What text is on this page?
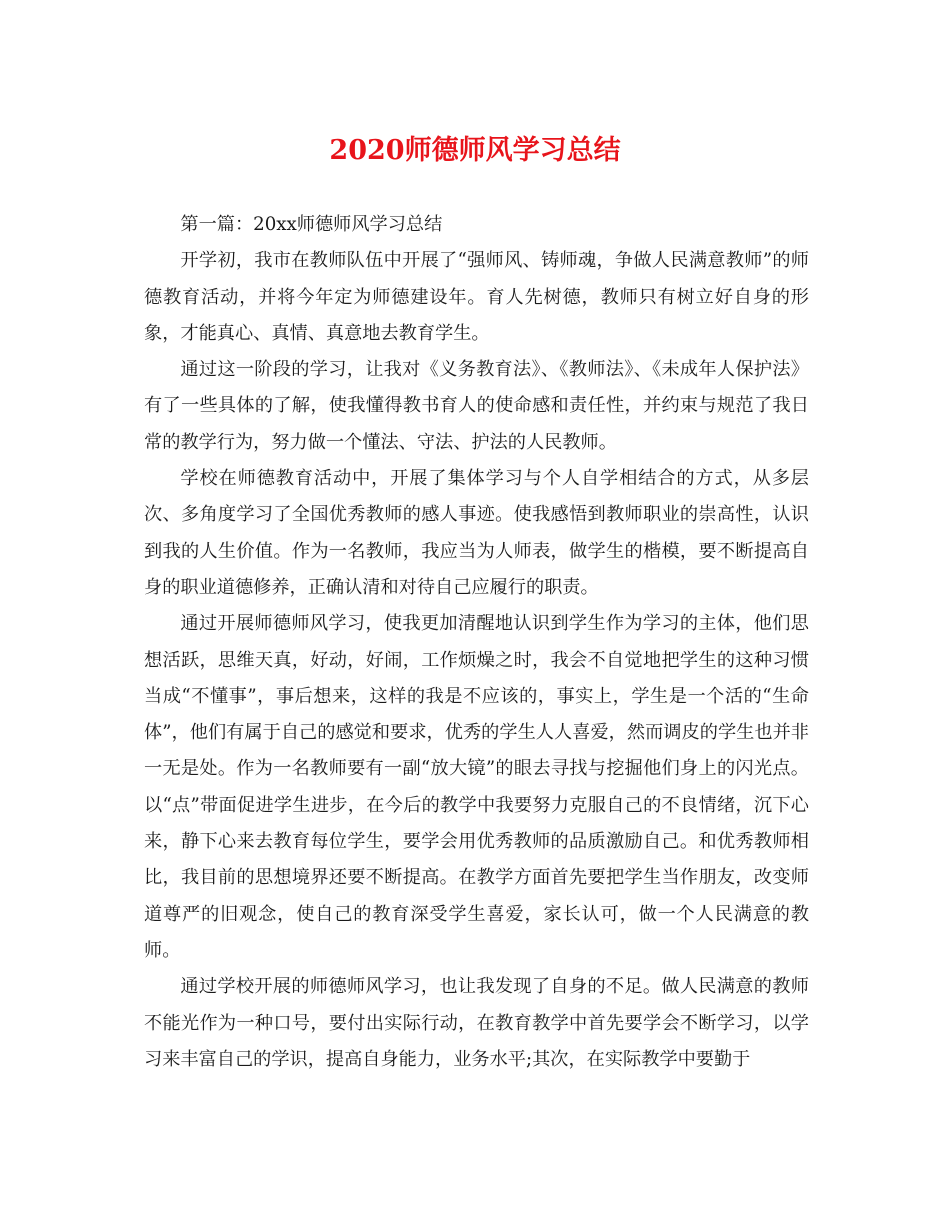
2020师德师风学习总结

第一篇：20xx师德师风学习总结

开学初，我市在教师队伍中开展了“强师风、铸师魂，争做人民满意教师”的师德教育活动，并将今年定为师德建设年。育人先树德，教师只有树立好自身的形象，才能真心、真情、真意地去教育学生。

通过这一阶段的学习，让我对《义务教育法》、《教师法》、《未成年人保护法》有了一些具体的了解，使我懂得教书育人的使命感和责任性，并约束与规范了我日常的教学行为，努力做一个懂法、守法、护法的人民教师。

学校在师德教育活动中，开展了集体学习与个人自学相结合的方式，从多层次、多角度学习了全国优秀教师的感人事迹。使我感悟到教师职业的崇高性，认识到我的人生价值。作为一名教师，我应当为人师表，做学生的楷模，要不断提高自身的职业道德修养，正确认清和对待自己应履行的职责。

通过开展师德师风学习，使我更加清醒地认识到学生作为学习的主体，他们思想活跃，思维天真，好动，好闹，工作烦燥之时，我会不自觉地把学生的这种习惯当成“不懂事”，事后想来，这样的我是不应该的，事实上，学生是一个活的“生命体”，他们有属于自己的感觉和要求，优秀的学生人人喜爱，然而调皮的学生也并非一无是处。作为一名教师要有一副“放大镜”的眼去寻找与挖掘他们身上的闪光点。以“点”带面促进学生进步，在今后的教学中我要努力克服自己的不良情绪，沉下心来，静下心来去教育每位学生，要学会用优秀教师的品质激励自己。和优秀教师相比，我目前的思想境界还要不断提高。在教学方面首先要把学生当作朋友，改变师道尊严的旧观念，使自己的教育深受学生喜爱，家长认可，做一个人民满意的教师。

通过学校开展的师德师风学习，也让我发现了自身的不足。做人民满意的教师不能光作为一种口号，要付出实际行动，在教育教学中首先要学会不断学习，以学习来丰富自己的学识，提高自身能力，业务水平;其次，在实际教学中要勤于
